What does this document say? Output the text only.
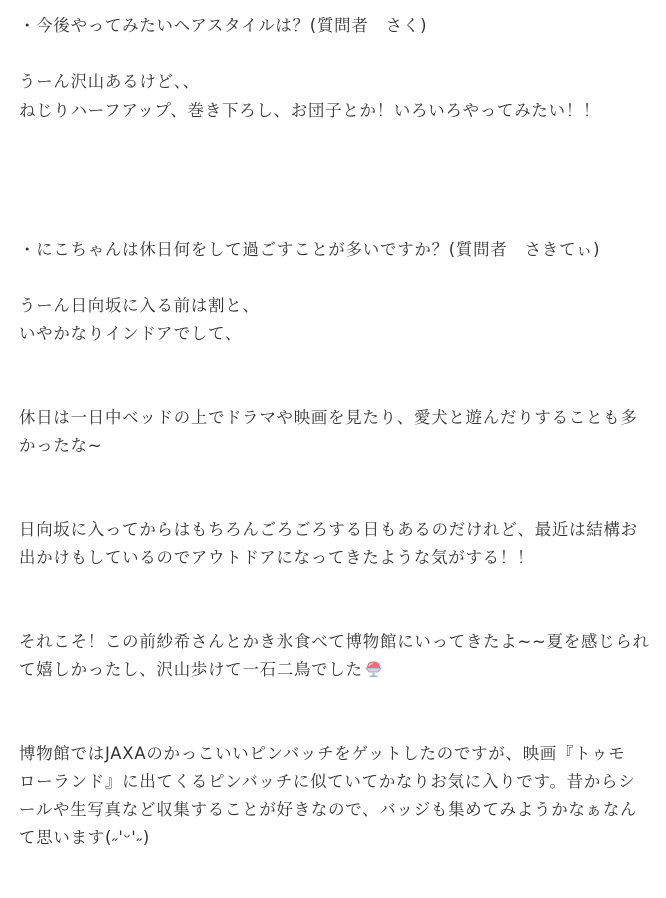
・今後やってみたいヘアスタイルは？(質問者　さく)
うーん沢山あるけど、、
ねじりハーフアップ、巻き下ろし、お団子とか！いろいろやってみたい！！
・にこちゃんは休日何をして過ごすことが多いですか？(質問者　さきてぃ)
うーん日向坂に入る前は割と、
いやかなりインドアでして、
休日は一日中ベッドの上でドラマや映画を見たり、愛犬と遊んだりすることも多
かったな~
日向坂に入ってからはもちろんごろごろする日もあるのだけれど、最近は結構お
出かけもしているのでアウトドアになってきたような気がする！！
それこそ！この前紗希さんとかき氷食べて博物館にいってきたよ~~夏を感じられ
て嬉しかったし、沢山歩けて一石二鳥でした
博物館ではJAXAのかっこいいピンバッチをゲットしたのですが、映画『トゥモ
ローランド』に出てくるピンバッチに似ていてかなりお気に入りです。昔からシ
ールや生写真など収集することが好きなので、バッジも集めてみようかなぁなん
て思います(˶'ᵕ'˶)
